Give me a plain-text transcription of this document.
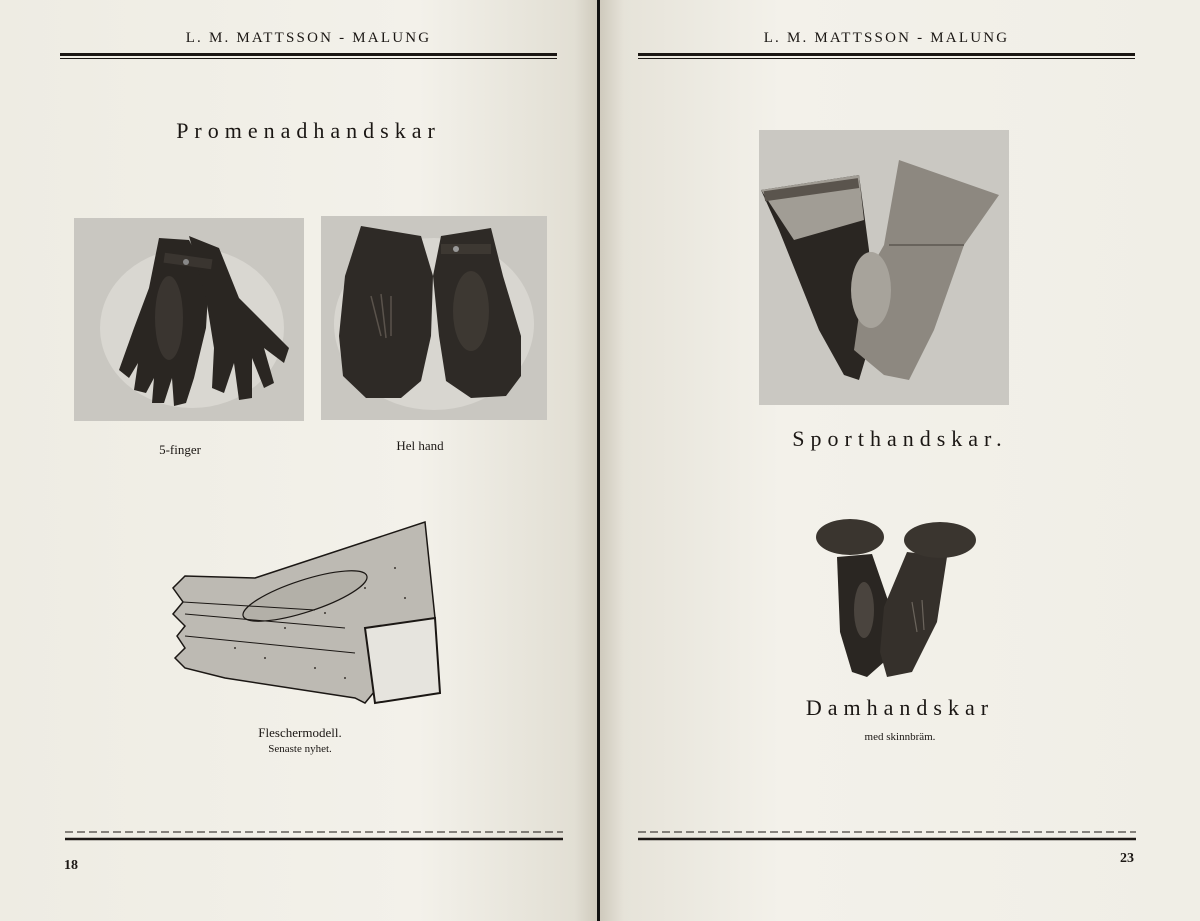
L. M. MATTSSON - MALUNG
Promenadhandskar
5-finger	Hel hand
Fleschermodell.
Senaste nyhet.
18
L. M. MATTSSON - MALUNG
Sporthandskar.
Damhandskar
med skinnbräm.
23
